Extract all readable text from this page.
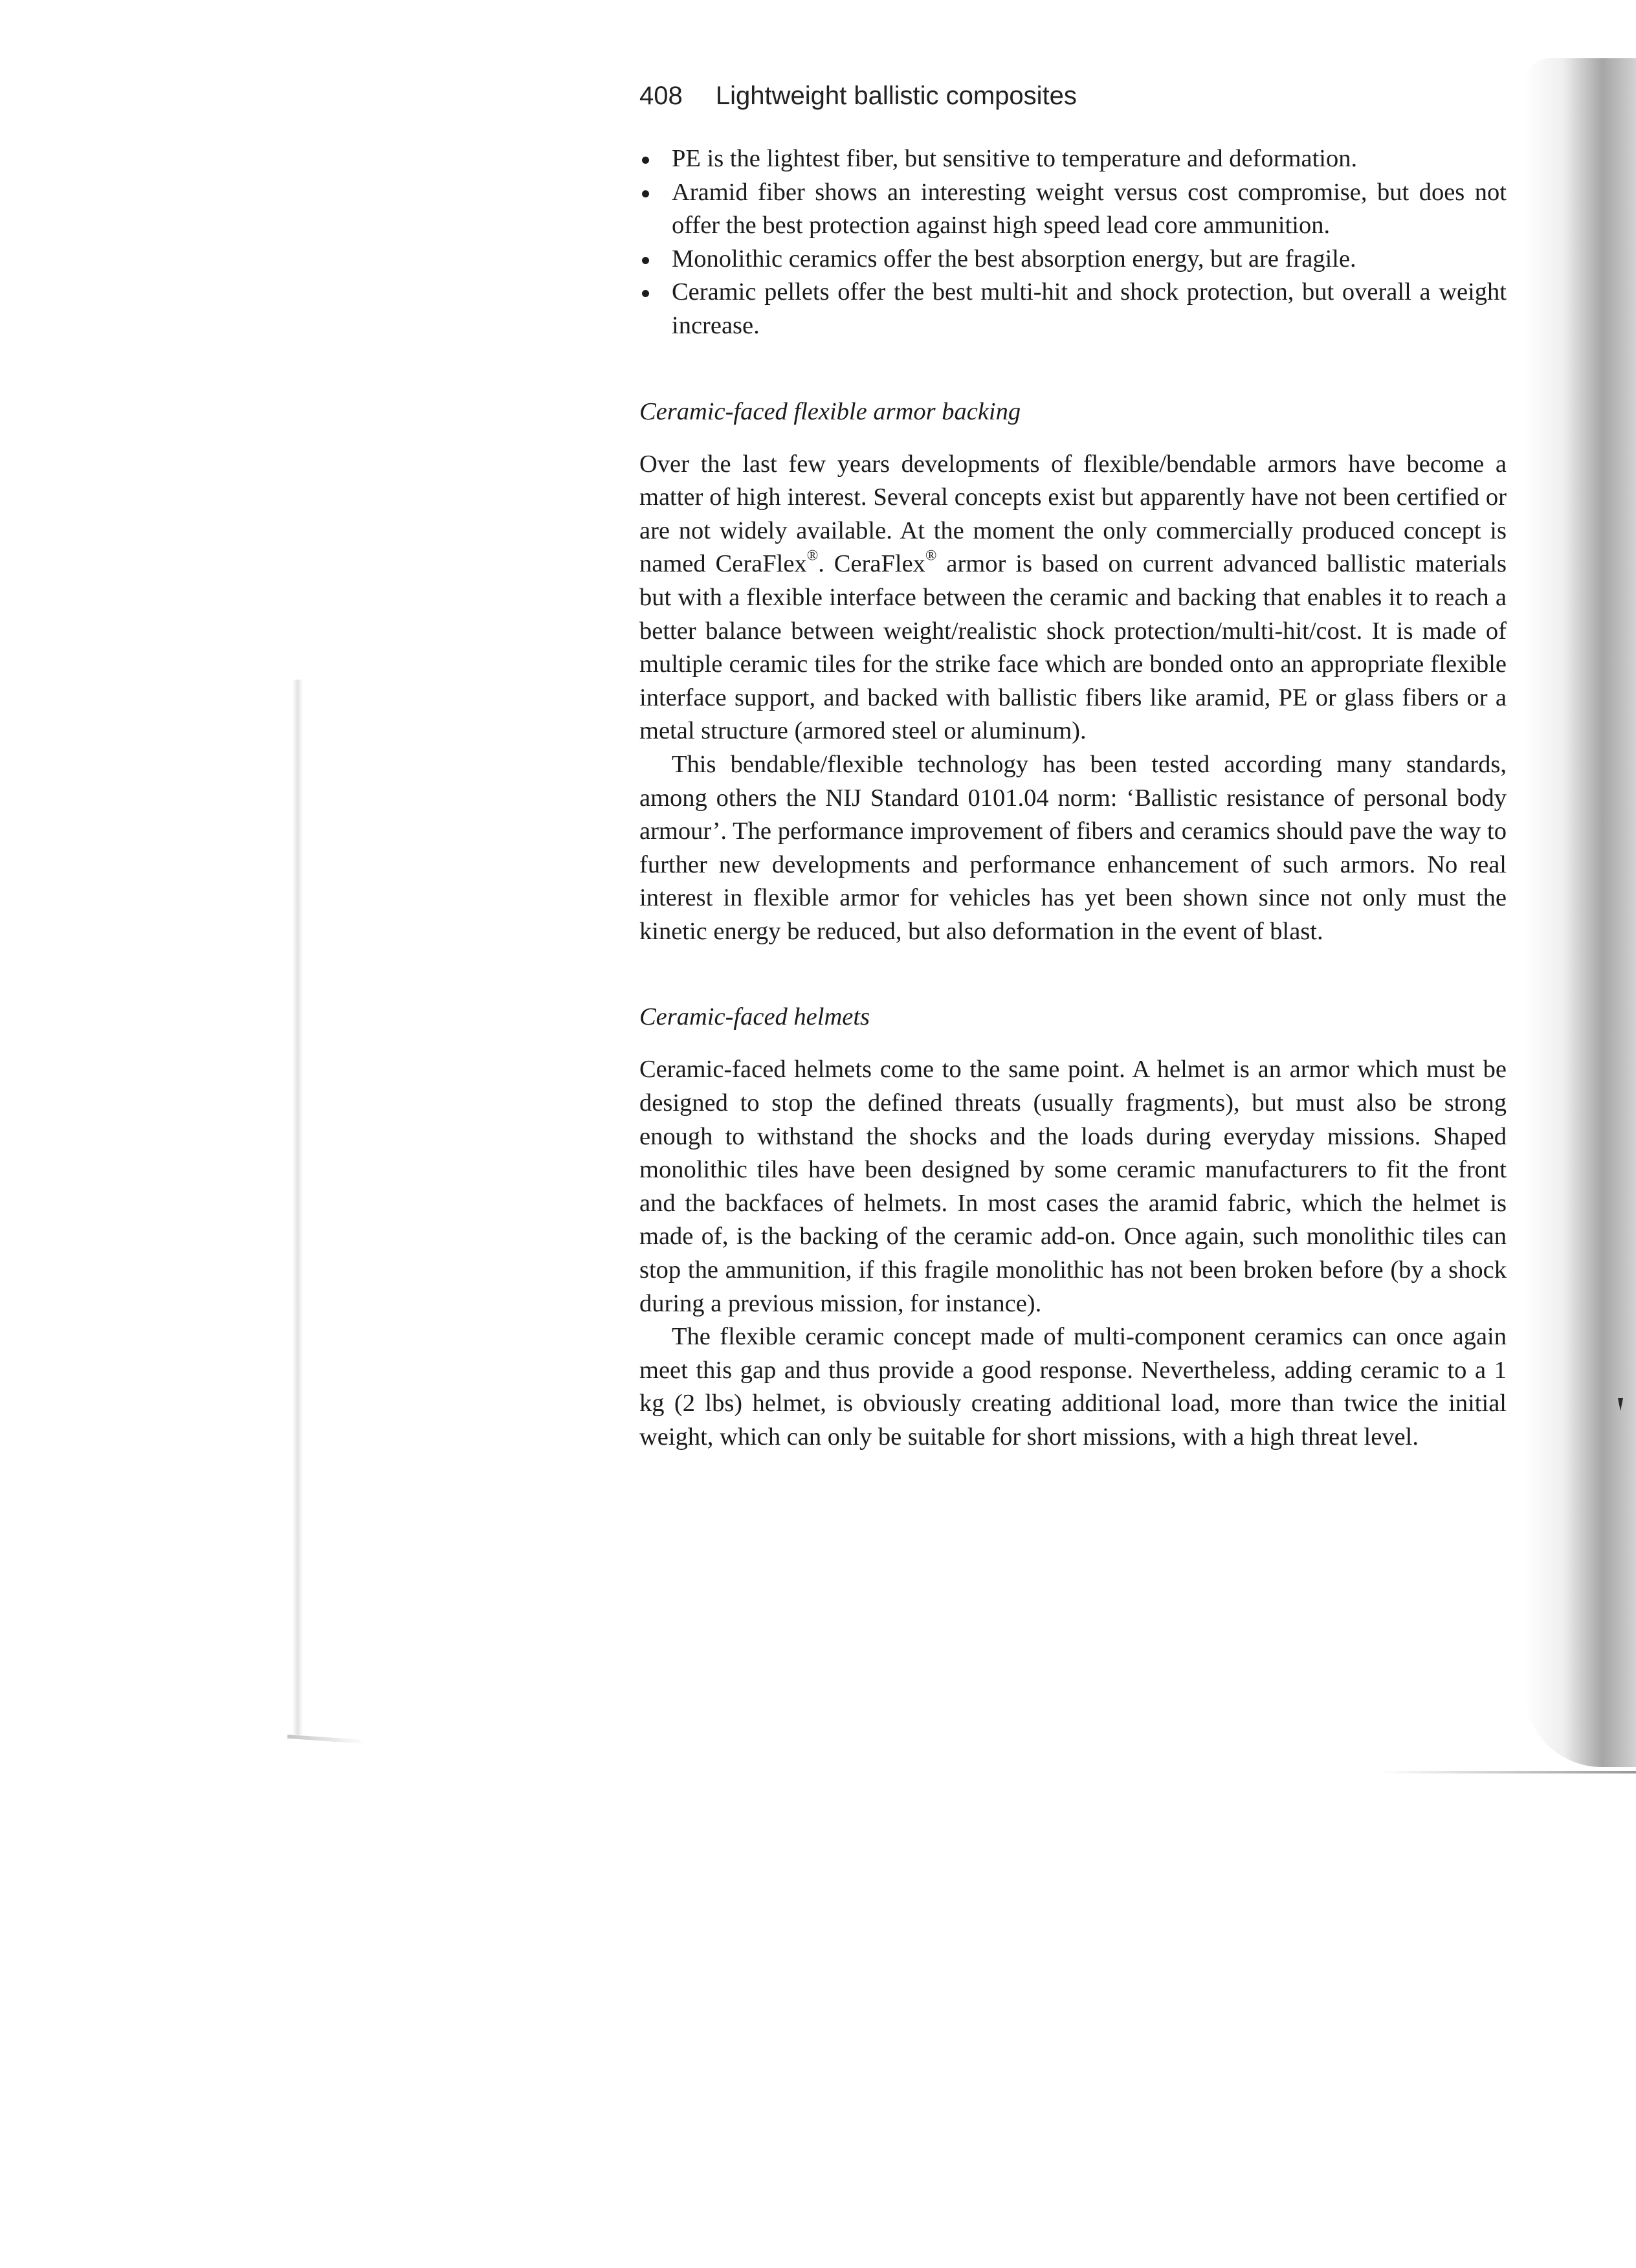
408 Lightweight ballistic composites
PE is the lightest fiber, but sensitive to temperature and deformation.
Aramid fiber shows an interesting weight versus cost compromise, but does not offer the best protection against high speed lead core ammunition.
Monolithic ceramics offer the best absorption energy, but are fragile.
Ceramic pellets offer the best multi-hit and shock protection, but overall a weight increase.
Ceramic-faced flexible armor backing

Over the last few years developments of flexible/bendable armors have become a matter of high interest. Several concepts exist but apparently have not been certified or are not widely available. At the moment the only commercially produced concept is named CeraFlex®. CeraFlex® armor is based on current advanced ballistic materials but with a flexible interface between the ceramic and backing that enables it to reach a better balance between weight/realistic shock protection/multi-hit/cost. It is made of multiple ceramic tiles for the strike face which are bonded onto an appropriate flexible interface support, and backed with ballistic fibers like aramid, PE or glass fibers or a metal structure (armored steel or aluminum).

This bendable/flexible technology has been tested according many standards, among others the NIJ Standard 0101.04 norm: ‘Ballistic resistance of personal body armour’. The performance improvement of fibers and ceramics should pave the way to further new developments and performance enhancement of such armors. No real interest in flexible armor for vehicles has yet been shown since not only must the kinetic energy be reduced, but also deformation in the event of blast.

Ceramic-faced helmets

Ceramic-faced helmets come to the same point. A helmet is an armor which must be designed to stop the defined threats (usually fragments), but must also be strong enough to withstand the shocks and the loads during everyday missions. Shaped monolithic tiles have been designed by some ceramic manufacturers to fit the front and the backfaces of helmets. In most cases the aramid fabric, which the helmet is made of, is the backing of the ceramic add-on. Once again, such monolithic tiles can stop the ammunition, if this fragile monolithic has not been broken before (by a shock during a previous mission, for instance).

The flexible ceramic concept made of multi-component ceramics can once again meet this gap and thus provide a good response. Nevertheless, adding ceramic to a 1 kg (2 lbs) helmet, is obviously creating additional load, more than twice the initial weight, which can only be suitable for short missions, with a high threat level.
